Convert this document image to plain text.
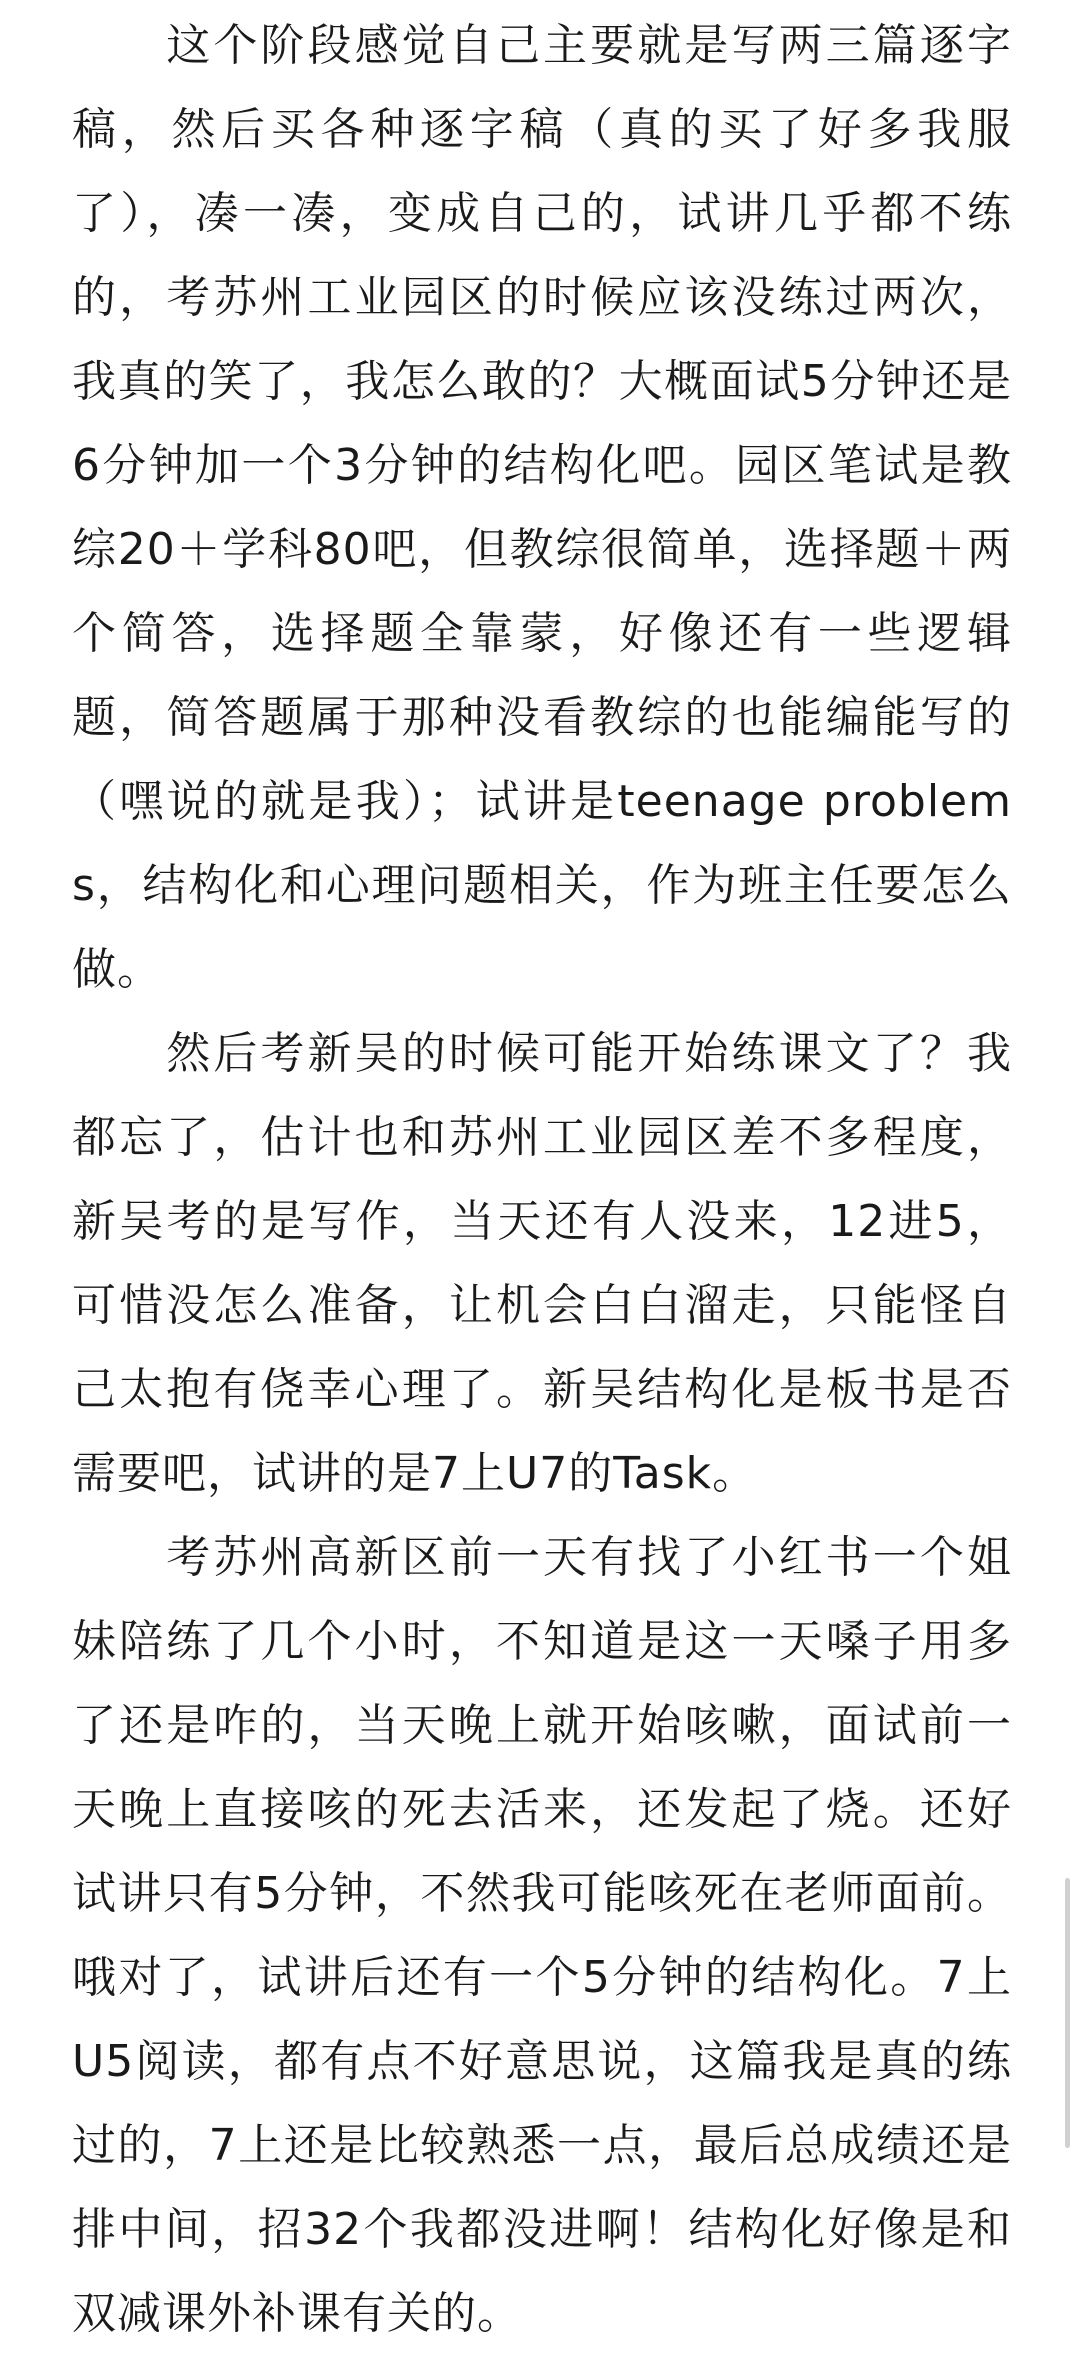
　　这个阶段感觉自己主要就是写两三篇逐字稿，然后买各种逐字稿（真的买了好多我服了），凑一凑，变成自己的，试讲几乎都不练的，考苏州工业园区的时候应该没练过两次，我真的笑了，我怎么敢的？大概面试5分钟还是6分钟加一个3分钟的结构化吧。园区笔试是教综20＋学科80吧，但教综很简单，选择题＋两个简答，选择题全靠蒙，好像还有一些逻辑题，简答题属于那种没看教综的也能编能写的（嘿说的就是我）；试讲是teenage problems，结构化和心理问题相关，作为班主任要怎么做。

　　然后考新吴的时候可能开始练课文了？我都忘了，估计也和苏州工业园区差不多程度，新吴考的是写作，当天还有人没来，12进5，可惜没怎么准备，让机会白白溜走，只能怪自己太抱有侥幸心理了。新吴结构化是板书是否需要吧，试讲的是7上U7的Task。

　　考苏州高新区前一天有找了小红书一个姐妹陪练了几个小时，不知道是这一天嗓子用多了还是咋的，当天晚上就开始咳嗽，面试前一天晚上直接咳的死去活来，还发起了烧。还好试讲只有5分钟，不然我可能咳死在老师面前。哦对了，试讲后还有一个5分钟的结构化。7上U5阅读，都有点不好意思说，这篇我是真的练过的，7上还是比较熟悉一点，最后总成绩还是排中间，招32个我都没进啊！结构化好像是和双减课外补课有关的。
